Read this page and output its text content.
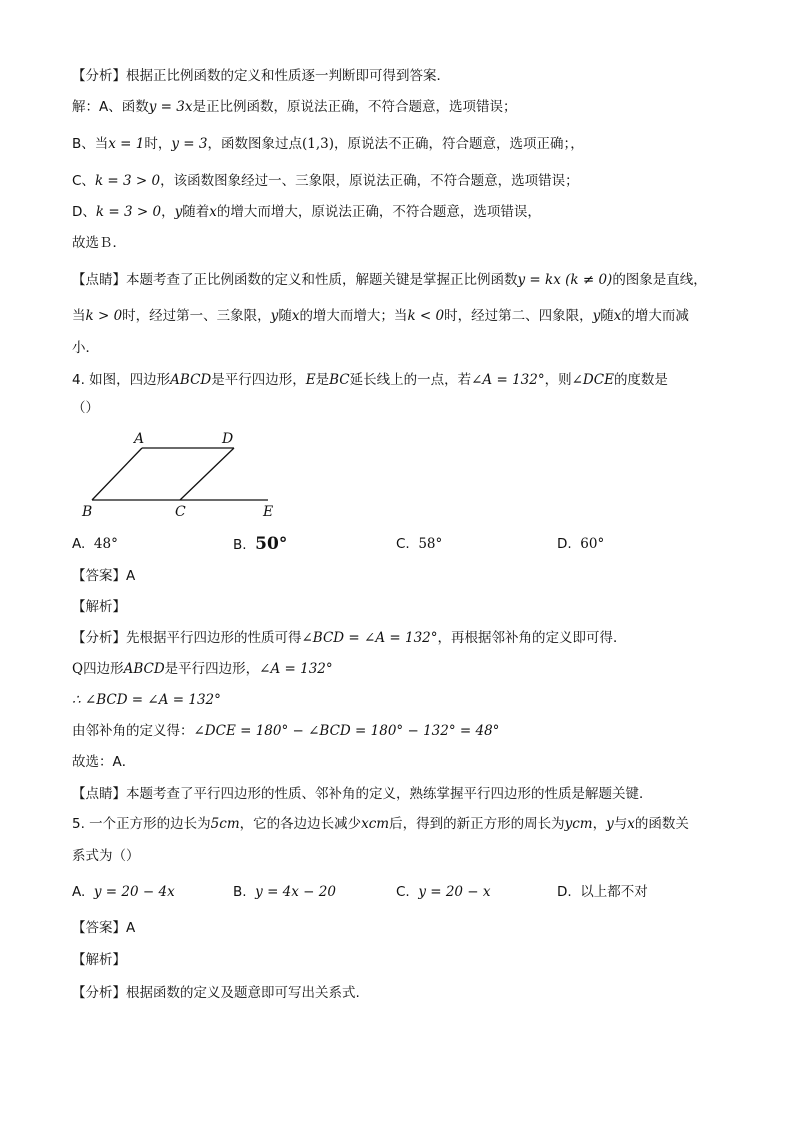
【分析】根据正比例函数的定义和性质逐一判断即可得到答案．
解：A、函数y = 3x是正比例函数，原说法正确，不符合题意，选项错误；
B、当x = 1时，y = 3，函数图象过点(1,3)，原说法不正确，符合题意，选项正确；，
C、k = 3 > 0，该函数图象经过一、三象限，原说法正确，不符合题意，选项错误；
D、k = 3 > 0，y随着x的增大而增大，原说法正确，不符合题意，选项错误，
故选Ｂ．
【点睛】本题考查了正比例函数的定义和性质，解题关键是掌握正比例函数y = kx (k ≠ 0)的图象是直线，
当k > 0时，经过第一、三象限，y随x的增大而增大；当k < 0时，经过第二、四象限，y随x的增大而减
小．
4. 如图，四边形ABCD是平行四边形，E是BC延长线上的一点，若∠A = 132°，则∠DCE的度数是
（）
A	D
B	C	E
A. 48°	B. 50°	C. 58°	D. 60°
【答案】A
【解析】
【分析】先根据平行四边形的性质可得∠BCD = ∠A = 132°，再根据邻补角的定义即可得．
Q四边形ABCD是平行四边形，∠A = 132°
∴ ∠BCD = ∠A = 132°
由邻补角的定义得：∠DCE = 180° − ∠BCD = 180° − 132° = 48°
故选：A．
【点睛】本题考查了平行四边形的性质、邻补角的定义，熟练掌握平行四边形的性质是解题关键．
5. 一个正方形的边长为5cm，它的各边边长减少xcm后，得到的新正方形的周长为ycm，y与x的函数关
系式为（）
A. y = 20 − 4x	B. y = 4x − 20	C. y = 20 − x	D. 以上都不对
【答案】A
【解析】
【分析】根据函数的定义及题意即可写出关系式.
